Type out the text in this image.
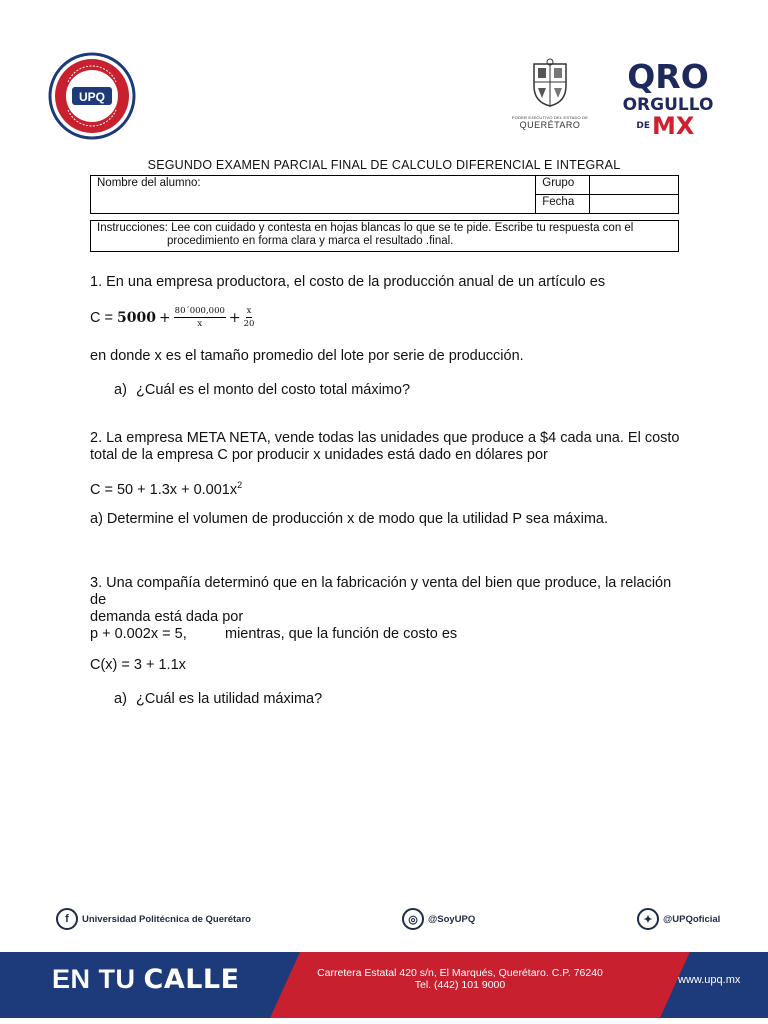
UPQ
PODER EJECUTIVO DEL ESTADO DE
QUERÉTARO
QRO
ORGULLO
DE MX
SEGUNDO EXAMEN PARCIAL FINAL DE CALCULO DIFERENCIAL E INTEGRAL
Nombre del alumno:	Grupo	
	Fecha	
Instrucciones: Lee con cuidado y contesta en hojas blancas lo que se te pide. Escribe tu respuesta con el
procedimiento en forma clara y marca el resultado .final.
1. En una empresa productora, el costo de la producción anual de un artículo es
$C = 5000 + \frac{80´000,000}{x} + \frac{x}{20}$
en donde x es el tamaño promedio del lote por serie de producción.
a) ¿Cuál es el monto del costo total máximo?
2. La empresa META NETA, vende todas las unidades que produce a $4 cada una. El costo
total de la empresa C por producir x unidades está dado en dólares por
$C = 50 + 1.3x + 0.001x^2$
a) Determine el volumen de producción x de modo que la utilidad P sea máxima.
3. Una compañía determinó que en la fabricación y venta del bien que produce, la relación de
demanda está dada por
p + 0.002x = 5,	mientras, que la función de costo es
C(x) = 3 + 1.1x
a) ¿Cuál es la utilidad máxima?
f	Universidad Politécnica de Querétaro	◎	@SoyUPQ	✦	@UPQoficial
EN TU CALLE	Carretera Estatal 420 s/n, El Marqués, Querétaro. C.P. 76240
Tel. (442) 101 9000	www.upq.mx
